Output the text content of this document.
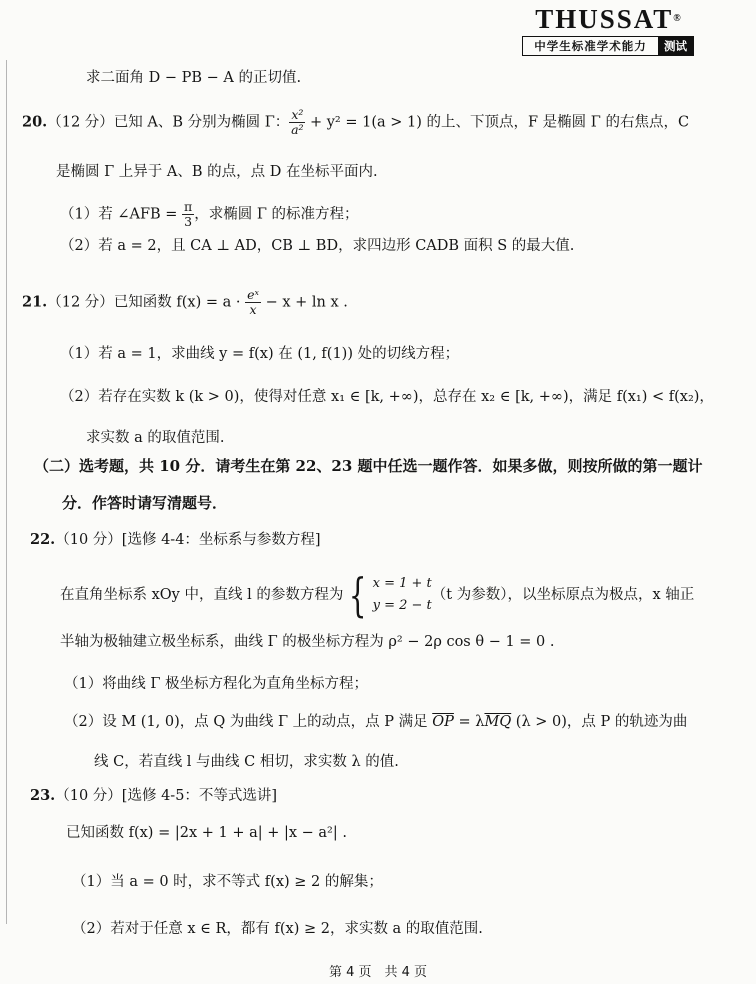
THUSSAT®
中学生标准学术能力	测试
求二面角 D − PB − A 的正切值.
20.（12 分）已知 A、B 分别为椭圆 Γ： $\frac{\text{x²}}{\text{a²}} + y^2 = 1(a > 1)$ 的上、下顶点，F 是椭圆 Γ 的右焦点，C
是椭圆 Γ 上异于 A、B 的点，点 D 在坐标平面内.
（1）若 ∠AFB = $\frac{\pi}{3}$ ，求椭圆 Γ 的标准方程；
（2）若 a = 2，且 CA ⊥ AD，CB ⊥ BD，求四边形 CADB 面积 S 的最大值.
21.（12 分）已知函数 $f(x) = a \cdot \frac{\text{eˣ}}{x} - x + \ln x$ .
（1）若 a = 1，求曲线 y = f(x) 在 (1, f(1)) 处的切线方程；
（2）若存在实数 k (k > 0)，使得对任意 x₁ ∈ [k, +∞)，总存在 x₂ ∈ [k, +∞)，满足 f(x₁) < f(x₂)，
求实数 a 的取值范围.
（二）选考题，共 10 分．请考生在第 22、23 题中任选一题作答．如果多做，则按所做的第一题计
分．作答时请写清题号．
22.（10 分）[选修 4-4：坐标系与参数方程]
在直角坐标系 xOy 中，直线 l 的参数方程为 { x = 1 + t
y = 2 − t
（t 为参数），以坐标原点为极点，x 轴正
半轴为极轴建立极坐标系，曲线 Γ 的极坐标方程为 ρ² − 2ρ cos θ − 1 = 0 .
（1）将曲线 Γ 极坐标方程化为直角坐标方程；
（2）设 M (1, 0)，点 Q 为曲线 Γ 上的动点，点 P 满足 $\overline{OP} = \lambda\overline{MQ}$ (λ > 0)，点 P 的轨迹为曲
线 C，若直线 l 与曲线 C 相切，求实数 λ 的值.
23.（10 分）[选修 4-5：不等式选讲]
已知函数 f(x) = |2x + 1 + a| + |x − a²| .
（1）当 a = 0 时，求不等式 f(x) ≥ 2 的解集；
（2）若对于任意 x ∈ R，都有 f(x) ≥ 2，求实数 a 的取值范围.
第 4 页　共 4 页
